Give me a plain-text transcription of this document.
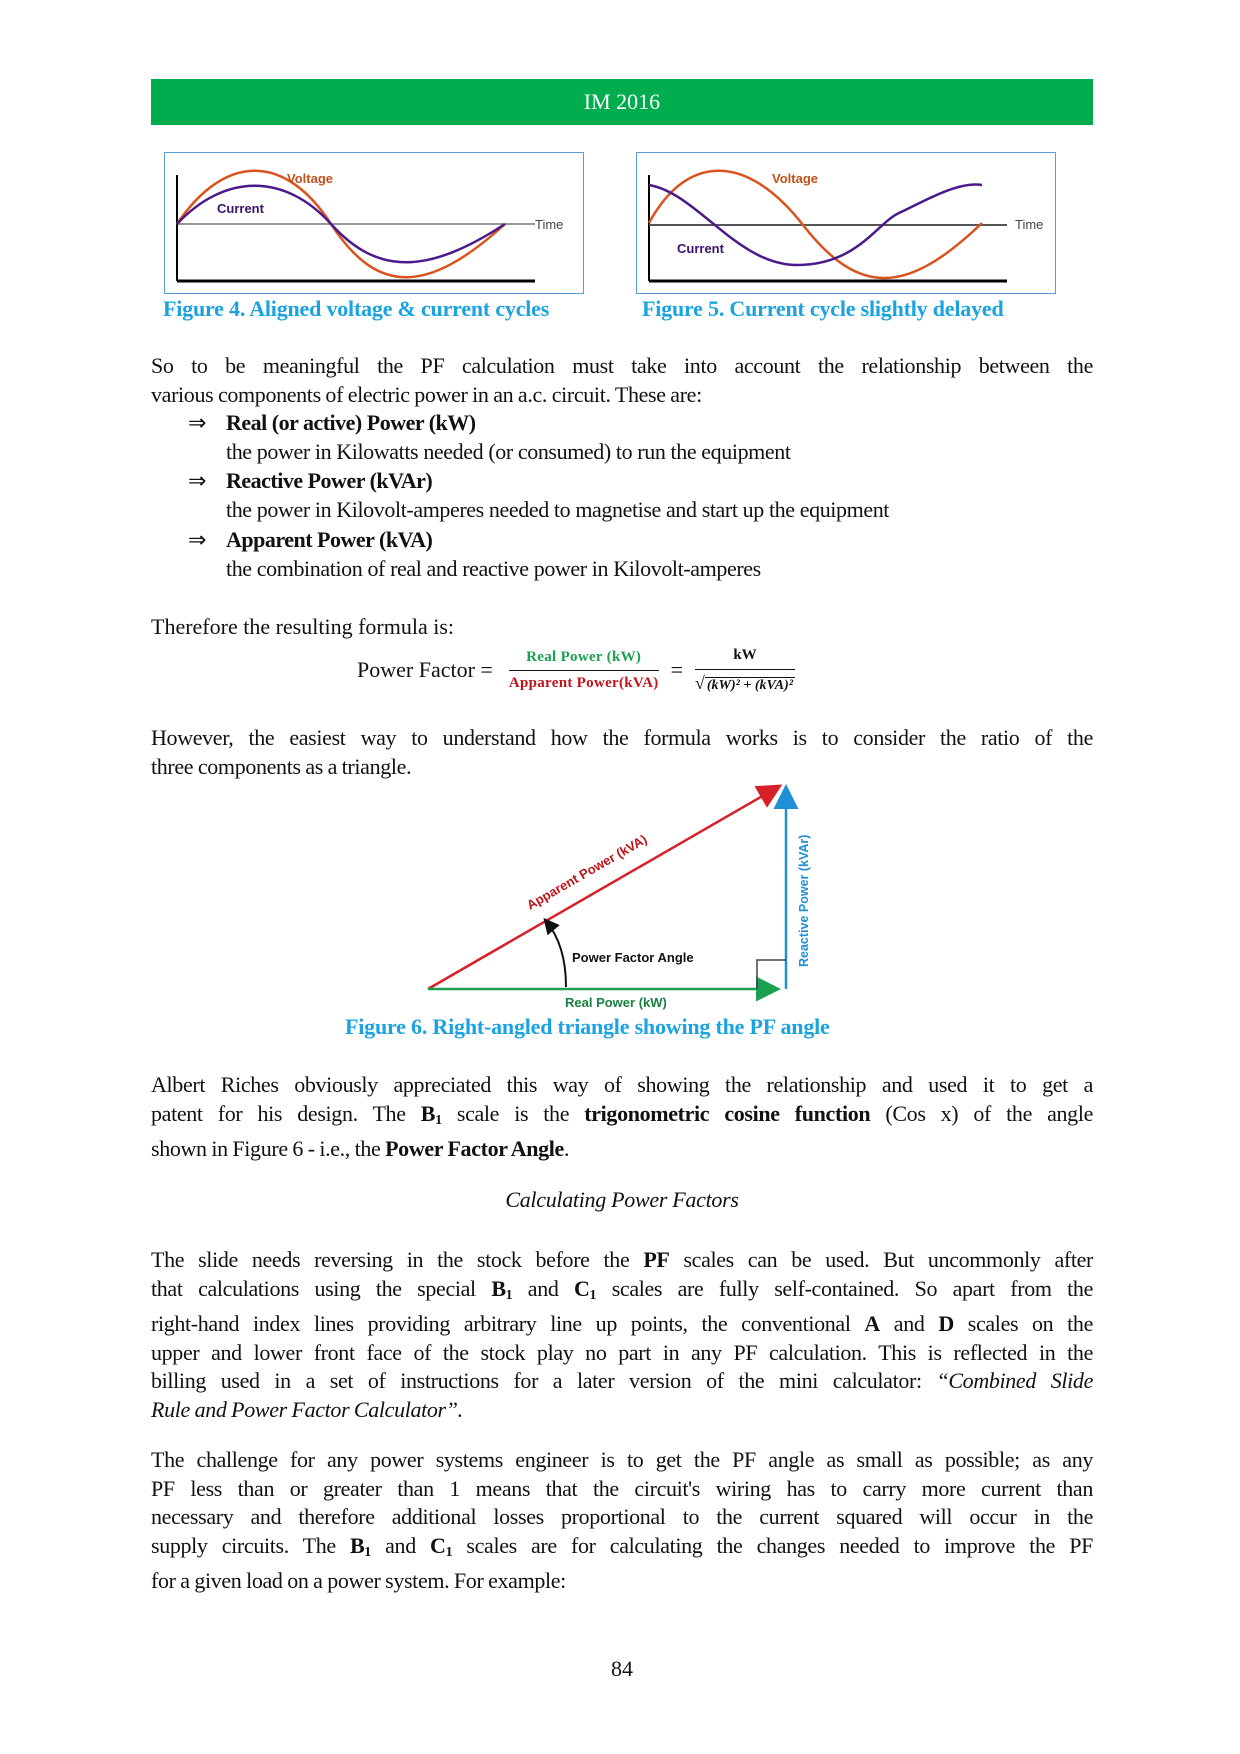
IM 2016
Voltage
Current
Time
Figure 4. Aligned voltage & current cycles
Voltage
Current
Time
Figure 5. Current cycle slightly delayed
So to be meaningful the PF calculation must take into account the relationship between the
various components of electric power in an a.c. circuit. These are:
⇒ Real (or active) Power (kW)
the power in Kilowatts needed (or consumed) to run the equipment
⇒ Reactive Power (kVAr)
the power in Kilovolt-amperes needed to magnetise and start up the equipment
⇒ Apparent Power (kVA)
the combination of real and reactive power in Kilovolt-amperes
Therefore the resulting formula is:
Power Factor = $\frac{\text{Real Power (kW)}}{\text{Apparent Power(kVA)}} = \frac{kW}{\text{√ (kW)² + (kVA)²}}$
However, the easiest way to understand how the formula works is to consider the ratio of the
three components as a triangle.
Apparent Power (kVA)
Power Factor Angle	Reactive Power (kVAr)
Real Power (kW)
Figure 6. Right-angled triangle showing the PF angle
Albert Riches obviously appreciated this way of showing the relationship and used it to get a
patent for his design. The $B_1$ scale is the trigonometric cosine function (Cos x) of the angle
shown in Figure 6 - i.e., the Power Factor Angle.
Calculating Power Factors
The slide needs reversing in the stock before the PF scales can be used. But uncommonly after
that calculations using the special $B_1$ and $C_1$ scales are fully self-contained. So apart from the
right-hand index lines providing arbitrary line up points, the conventional A and D scales on the
upper and lower front face of the stock play no part in any PF calculation. This is reflected in the
billing used in a set of instructions for a later version of the mini calculator: “Combined Slide
Rule and Power Factor Calculator”.
The challenge for any power systems engineer is to get the PF angle as small as possible; as any
PF less than or greater than 1 means that the circuit's wiring has to carry more current than
necessary and therefore additional losses proportional to the current squared will occur in the
supply circuits. The $B_1$ and $C_1$ scales are for calculating the changes needed to improve the PF
for a given load on a power system. For example:
84
